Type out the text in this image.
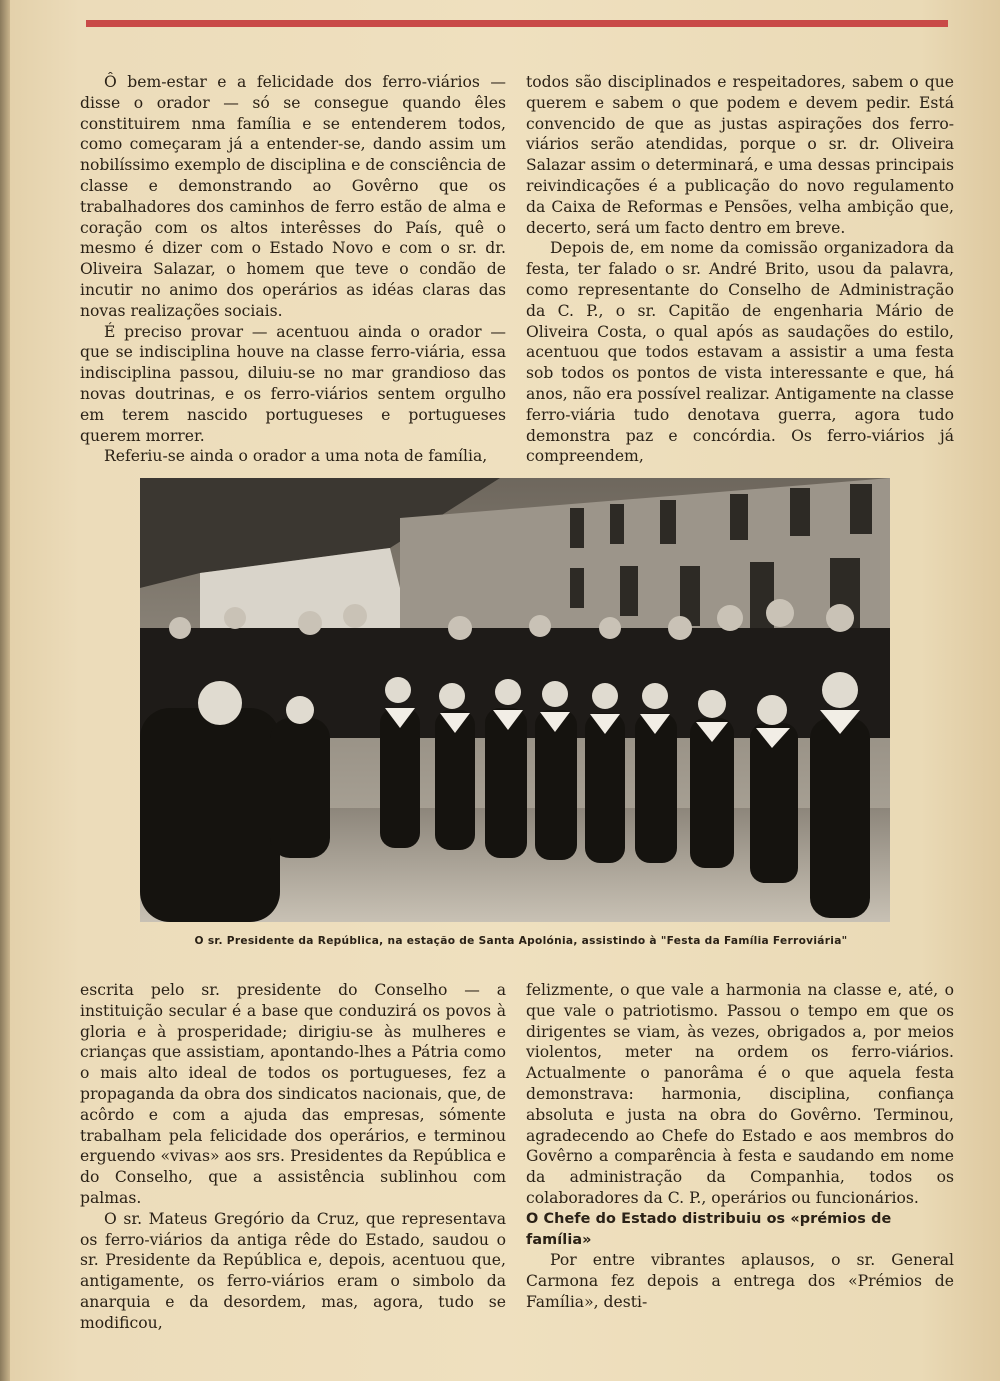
Ô bem-estar e a felicidade dos ferro-viários — disse o orador — só se consegue quando êles constituirem nma família e se entenderem todos, como começaram já a entender-se, dando assim um nobilíssimo exemplo de disciplina e de consciência de classe e demonstrando ao Govêrno que os trabalhadores dos caminhos de ferro estão de alma e coração com os altos interêsses do País, quê o mesmo é dizer com o Estado Novo e com o sr. dr. Oliveira Salazar, o homem que teve o condão de incutir no animo dos operários as idéas claras das novas realizações sociais.

É preciso provar — acentuou ainda o orador — que se indisciplina houve na classe ferro-viária, essa indisciplina passou, diluiu-se no mar grandioso das novas doutrinas, e os ferro-viários sentem orgulho em terem nascido portugueses e portugueses querem morrer.

Referiu-se ainda o orador a uma nota de família,

todos são disciplinados e respeitadores, sabem o que querem e sabem o que podem e devem pedir. Está convencido de que as justas aspirações dos ferro-viários serão atendidas, porque o sr. dr. Oliveira Salazar assim o determinará, e uma dessas principais reivindicações é a publicação do novo regulamento da Caixa de Reformas e Pensões, velha ambição que, decerto, será um facto dentro em breve.

Depois de, em nome da comissão organizadora da festa, ter falado o sr. André Brito, usou da palavra, como representante do Conselho de Administração da C. P., o sr. Capitão de engenharia Mário de Oliveira Costa, o qual após as saudações do estilo, acentuou que todos estavam a assistir a uma festa sob todos os pontos de vista interessante e que, há anos, não era possível realizar. Antigamente na classe ferro-viária tudo denotava guerra, agora tudo demonstra paz e concórdia. Os ferro-viários já compreendem,

O sr. Presidente da República, na estação de Santa Apolónia, assistindo à "Festa da Família Ferroviária"

escrita pelo sr. presidente do Conselho — a instituição secular é a base que conduzirá os povos à gloria e à prosperidade; dirigiu-se às mulheres e crianças que assistiam, apontando-lhes a Pátria como o mais alto ideal de todos os portugueses, fez a propaganda da obra dos sindicatos nacionais, que, de acôrdo e com a ajuda das empresas, sómente trabalham pela felicidade dos operários, e terminou erguendo «vivas» aos srs. Presidentes da República e do Conselho, que a assistência sublinhou com palmas.

O sr. Mateus Gregório da Cruz, que representava os ferro-viários da antiga rêde do Estado, saudou o sr. Presidente da República e, depois, acentuou que, antigamente, os ferro-viários eram o simbolo da anarquia e da desordem, mas, agora, tudo se modificou,

felizmente, o que vale a harmonia na classe e, até, o que vale o patriotismo. Passou o tempo em que os dirigentes se viam, às vezes, obrigados a, por meios violentos, meter na ordem os ferro-viários. Actualmente o panorâma é o que aquela festa demonstrava: harmonia, disciplina, confiança absoluta e justa na obra do Govêrno. Terminou, agradecendo ao Chefe do Estado e aos membros do Govêrno a comparência à festa e saudando em nome da administração da Companhia, todos os colaboradores da C. P., operários ou funcionários.

O Chefe do Estado distribuiu os «prémios de família»

Por entre vibrantes aplausos, o sr. General Carmona fez depois a entrega dos «Prémios de Família», desti-
